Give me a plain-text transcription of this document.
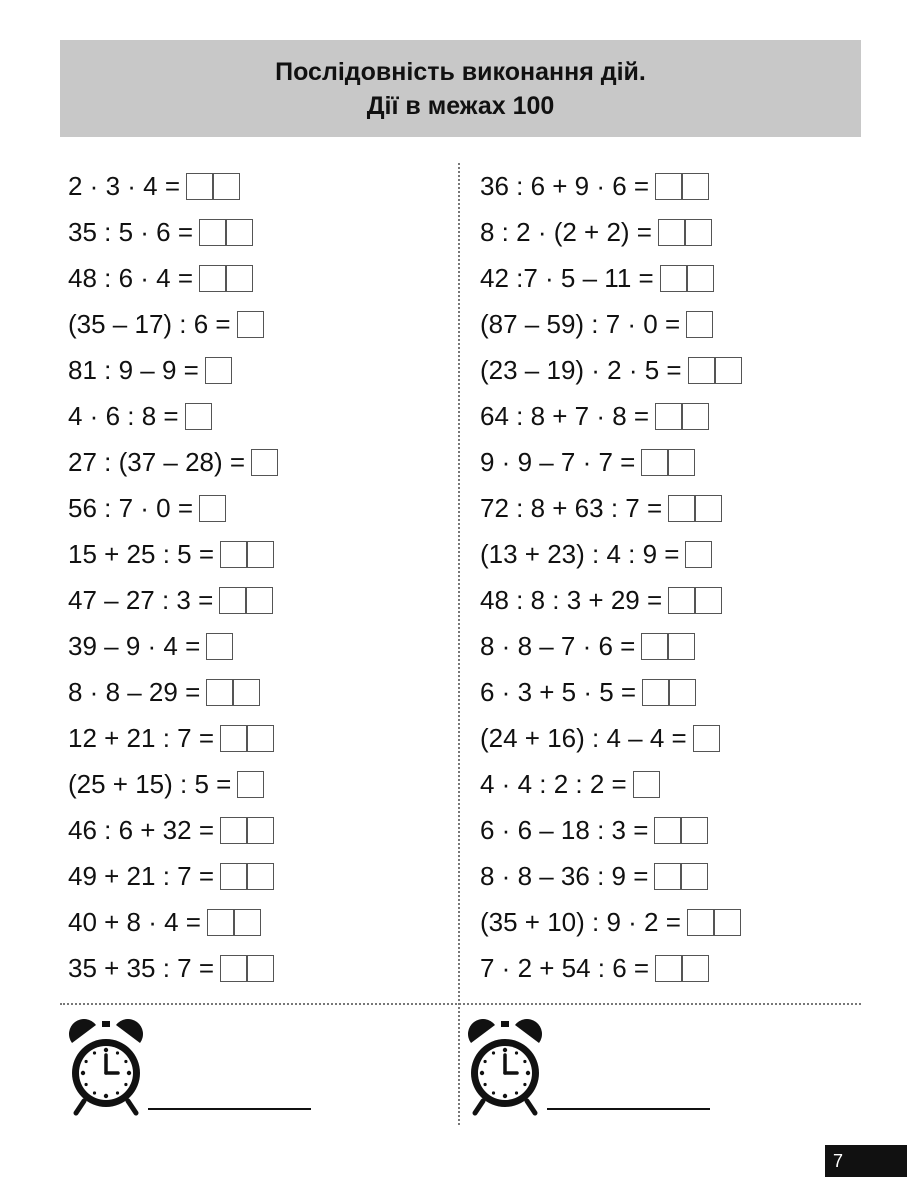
Послідовність виконання дій.
Дії в межах 100
2 · 3 · 4 =
35 : 5 · 6 =
48 : 6 · 4 =
(35 – 17) : 6 =
81 : 9 – 9 =
4 · 6 : 8 =
27 : (37 – 28) =
56 : 7 · 0 =
15 + 25 : 5 =
47 – 27 : 3 =
39 – 9 · 4 =
8 · 8 – 29 =
12 + 21 : 7 =
(25 + 15) : 5 =
46 : 6 + 32 =
49 + 21 : 7 =
40 + 8 · 4 =
35 + 35 : 7 =
36 : 6 + 9 · 6 =
8 : 2 · (2 + 2) =
42 :7 · 5 – 11 =
(87 – 59) : 7 · 0 =
(23 – 19) · 2 · 5 =
64 : 8 + 7 · 8 =
9 · 9 – 7 · 7 =
72 : 8 + 63 : 7 =
(13 + 23) : 4 : 9 =
48 : 8 : 3 + 29 =
8 · 8 – 7 · 6 =
6 · 3 + 5 · 5 =
(24 + 16) : 4 – 4 =
4 · 4 : 2 : 2 =
6 · 6 – 18 : 3 =
8 · 8 – 36 : 9 =
(35 + 10) : 9 · 2 =
7 · 2 + 54 : 6 =
7
